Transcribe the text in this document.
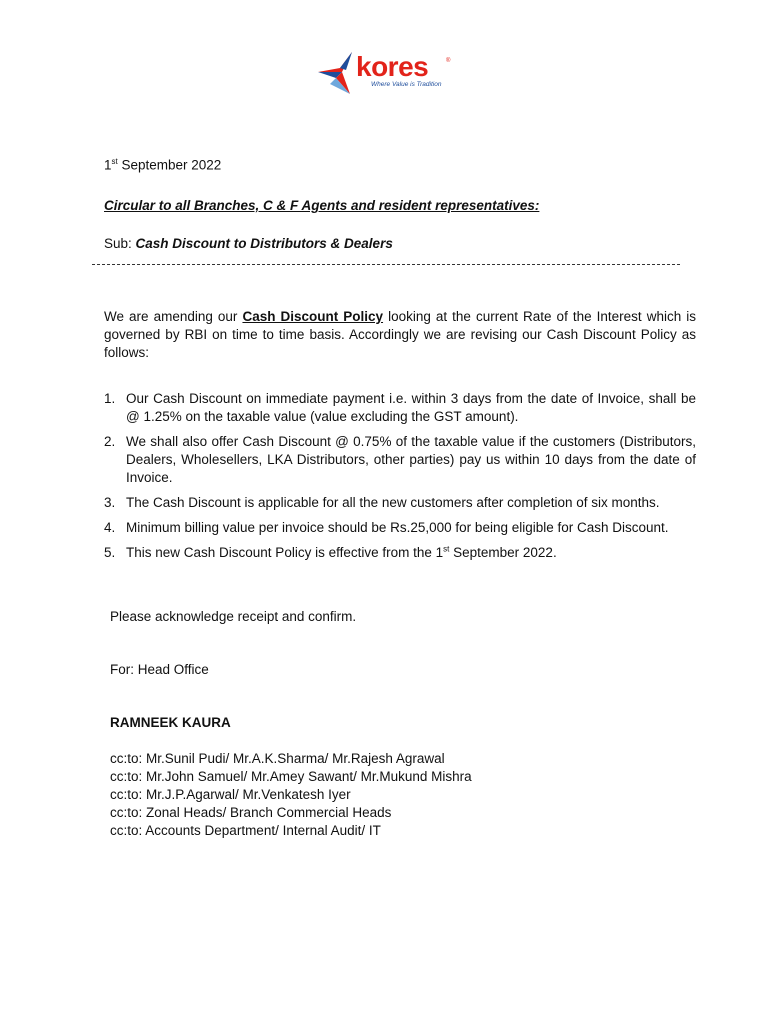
kores	®
Where Value is Tradition
1st September 2022
Circular to all Branches, C & F Agents and resident representatives:
Sub: Cash Discount to Distributors & Dealers
We are amending our Cash Discount Policy looking at the current Rate of the Interest which is governed by RBI on time to time basis. Accordingly we are revising our Cash Discount Policy as follows:
1. Our Cash Discount on immediate payment i.e. within 3 days from the date of Invoice, shall be @ 1.25% on the taxable value (value excluding the GST amount).
2. We shall also offer Cash Discount @ 0.75% of the taxable value if the customers (Distributors, Dealers, Wholesellers, LKA Distributors, other parties) pay us within 10 days from the date of Invoice.
3. The Cash Discount is applicable for all the new customers after completion of six months.
4. Minimum billing value per invoice should be Rs.25,000 for being eligible for Cash Discount.
5. This new Cash Discount Policy is effective from the 1st September 2022.
Please acknowledge receipt and confirm.
For: Head Office
RAMNEEK KAURA
cc:to: Mr.Sunil Pudi/ Mr.A.K.Sharma/ Mr.Rajesh Agrawal
cc:to: Mr.John Samuel/ Mr.Amey Sawant/ Mr.Mukund Mishra
cc:to: Mr.J.P.Agarwal/ Mr.Venkatesh Iyer
cc:to: Zonal Heads/ Branch Commercial Heads
cc:to: Accounts Department/ Internal Audit/ IT
